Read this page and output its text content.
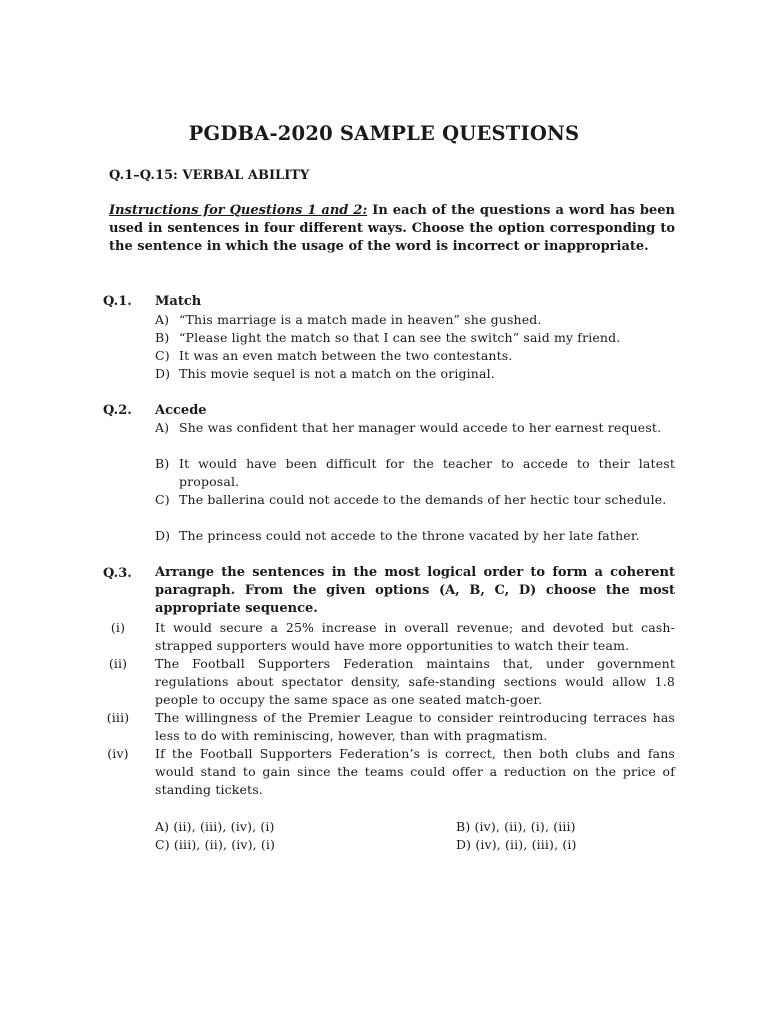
PGDBA-2020 SAMPLE QUESTIONS
Q.1–Q.15: VERBAL ABILITY
Instructions for Questions 1 and 2: In each of the questions a word has been used in sentences in four different ways. Choose the option corresponding to the sentence in which the usage of the word is incorrect or inappropriate.
Q.1. Match
A) “This marriage is a match made in heaven” she gushed.
B) “Please light the match so that I can see the switch” said my friend.
C) It was an even match between the two contestants.
D) This movie sequel is not a match on the original.
Q.2. Accede
A) She was confident that her manager would accede to her earnest request.
B) It would have been difficult for the teacher to accede to their latest proposal.
C) The ballerina could not accede to the demands of her hectic tour schedule.
D) The princess could not accede to the throne vacated by her late father.
Q.3. Arrange the sentences in the most logical order to form a coherent paragraph. From the given options (A, B, C, D) choose the most appropriate sequence.
(i)	It would secure a 25% increase in overall revenue; and devoted but cash-strapped supporters would have more opportunities to watch their team.
(ii)	The Football Supporters Federation maintains that, under government regulations about spectator density, safe-standing sections would allow 1.8 people to occupy the same space as one seated match-goer.
(iii)	The willingness of the Premier League to consider reintroducing terraces has less to do with reminiscing, however, than with pragmatism.
(iv)	If the Football Supporters Federation’s is correct, then both clubs and fans would stand to gain since the teams could offer a reduction on the price of standing tickets.
A) (ii), (iii), (iv), (i)	B) (iv), (ii), (i), (iii)
C) (iii), (ii), (iv), (i)	D) (iv), (ii), (iii), (i)
